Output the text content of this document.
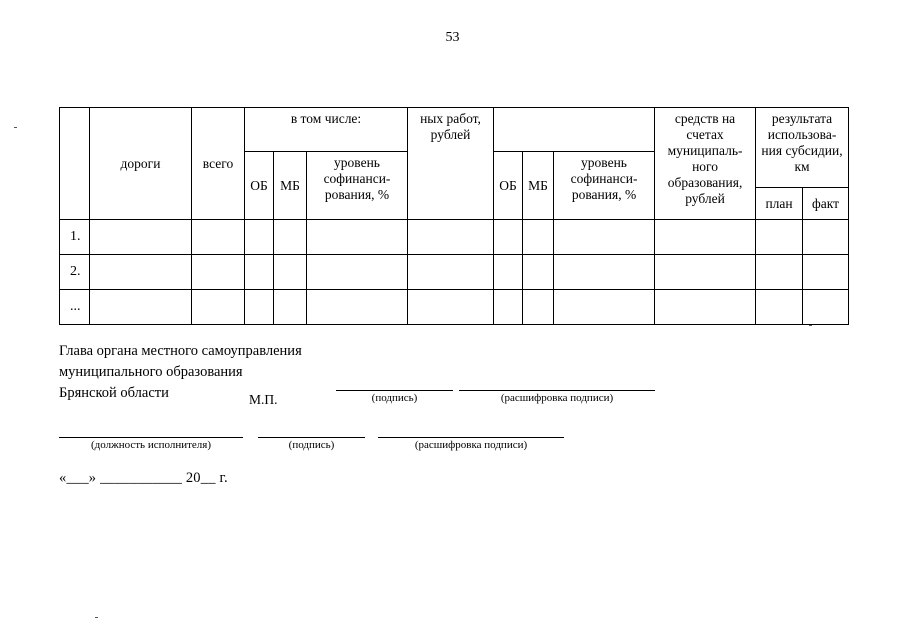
53
	дороги	всего	в том числе:			ных работ, рублей				средств на счетах муниципаль-ного образования, рублей	результата использова-ния субсидии, км	
			ОБ	МБ	уровень софинанси-рования, %		ОБ	МБ	уровень софинанси-рования, %			
											план	факт
1.												
2.												
...												
Глава органа местного самоуправления
муниципального образования
Брянской области	М.П.	(подпись)	(расшифровка подписи)
(должность исполнителя)	(подпись)	(расшифровка подписи)
«___» ___________ 20__ г.
